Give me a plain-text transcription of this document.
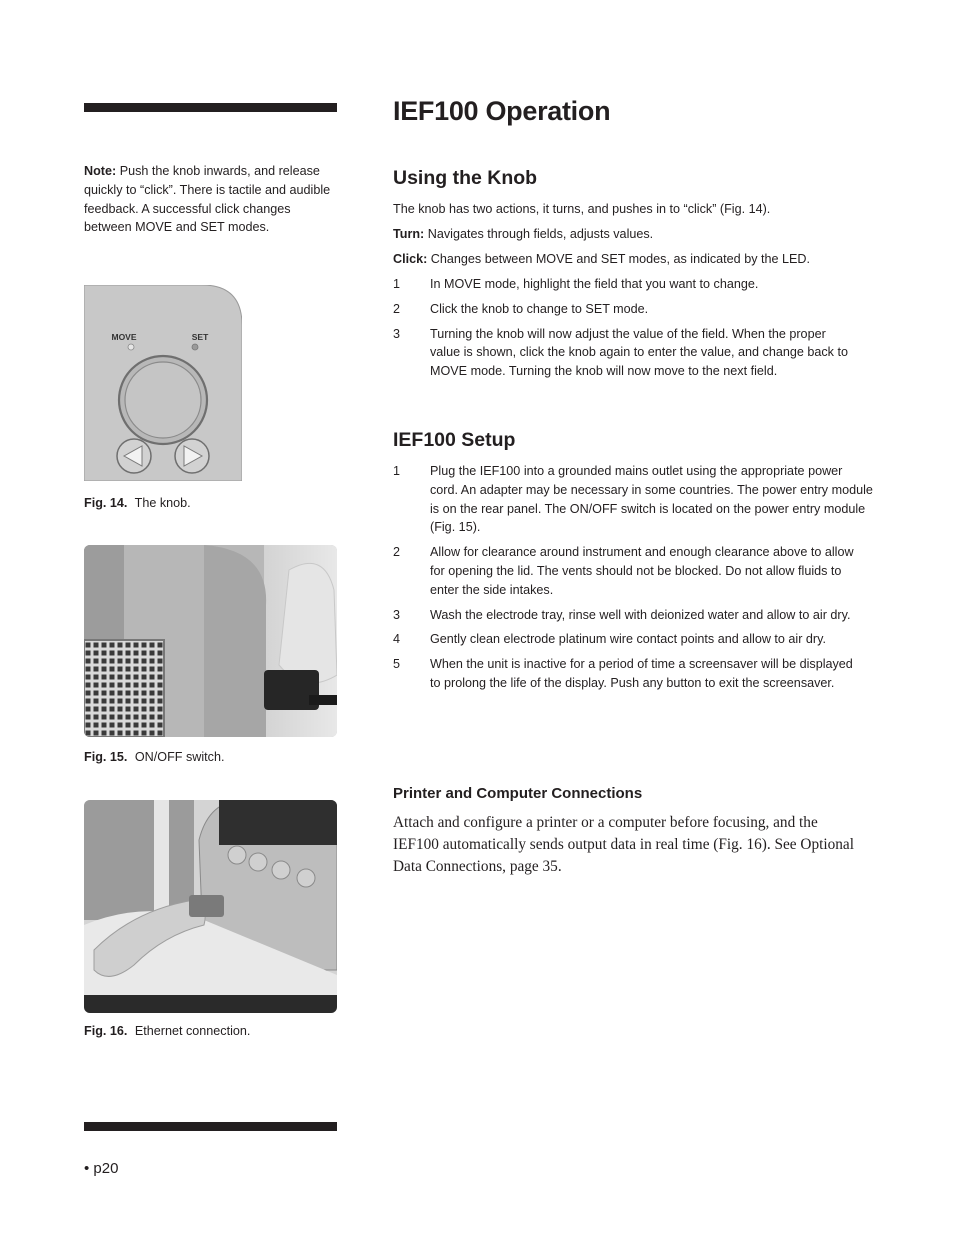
Note: Push the knob inwards, and release quickly to “click”. There is tactile and audible feedback. A successful click changes between MOVE and SET modes.
MOVE	SET
Fig. 14. The knob.
Fig. 15. ON/OFF switch.
Fig. 16. Ethernet connection.
• p20
IEF100 Operation
Using the Knob
The knob has two actions, it turns, and pushes in to “click” (Fig. 14).
Turn: Navigates through fields, adjusts values.
Click: Changes between MOVE and SET modes, as indicated by the LED.
1 In MOVE mode, highlight the field that you want to change.
2 Click the knob to change to SET mode.
3 Turning the knob will now adjust the value of the field. When the proper value is shown, click the knob again to enter the value, and change back to MOVE mode. Turning the knob will now move to the next field.
IEF100 Setup
1 Plug the IEF100 into a grounded mains outlet using the appropriate power cord. An adapter may be necessary in some countries. The power entry module is on the rear panel. The ON/OFF switch is located on the power entry module (Fig. 15).
2 Allow for clearance around instrument and enough clearance above to allow for opening the lid. The vents should not be blocked. Do not allow fluids to enter the side intakes.
3 Wash the electrode tray, rinse well with deionized water and allow to air dry.
4 Gently clean electrode platinum wire contact points and allow to air dry.
5 When the unit is inactive for a period of time a screensaver will be displayed to prolong the life of the display. Push any button to exit the screensaver.
Printer and Computer Connections
Attach and configure a printer or a computer before focusing, and the IEF100 automatically sends output data in real time (Fig. 16). See Optional Data Connections, page 35.
